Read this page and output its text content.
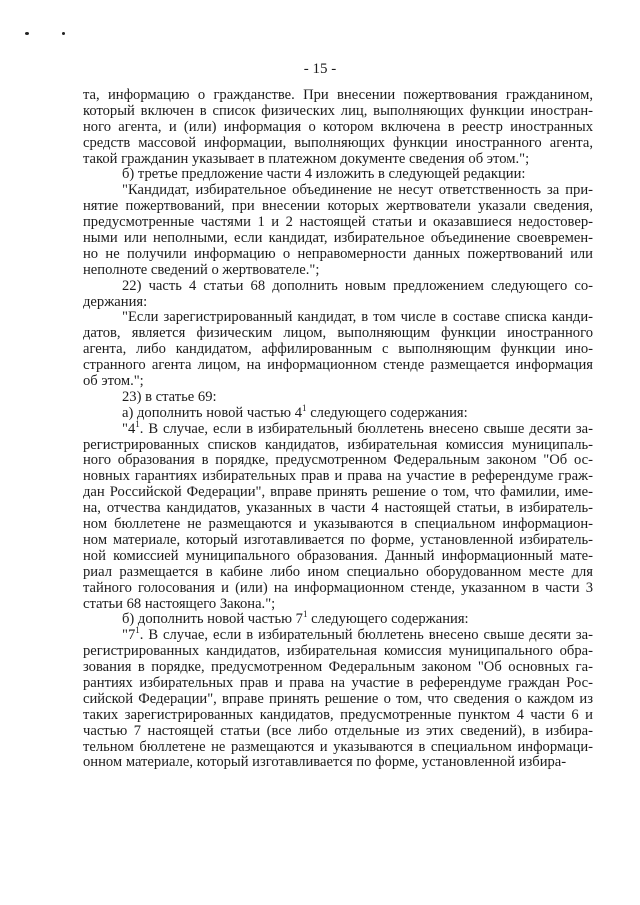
- 15 -
та, информацию о гражданстве. При внесении пожертвования гражданином,
который включен в список физических лиц, выполняющих функции иностран-
ного агента, и (или) информация о котором включена в реестр иностранных
средств массовой информации, выполняющих функции иностранного агента,
такой гражданин указывает в платежном документе сведения об этом.";
б) третье предложение части 4 изложить в следующей редакции:
"Кандидат, избирательное объединение не несут ответственность за при-
нятие пожертвований, при внесении которых жертвователи указали сведения,
предусмотренные частями 1 и 2 настоящей статьи и оказавшиеся недостовер-
ными или неполными, если кандидат, избирательное объединение своевремен-
но не получили информацию о неправомерности данных пожертвований или
неполноте сведений о жертвователе.";
22) часть 4 статьи 68 дополнить новым предложением следующего со-
держания:
"Если зарегистрированный кандидат, в том числе в составе списка канди-
датов, является физическим лицом, выполняющим функции иностранного
агента, либо кандидатом, аффилированным с выполняющим функции ино-
странного агента лицом, на информационном стенде размещается информация
об этом.";
23) в статье 69:
а) дополнить новой частью $4^1$ следующего содержания:
"$4^1$. В случае, если в избирательный бюллетень внесено свыше десяти за-
регистрированных списков кандидатов, избирательная комиссия муниципаль-
ного образования в порядке, предусмотренном Федеральным законом "Об ос-
новных гарантиях избирательных прав и права на участие в референдуме граж-
дан Российской Федерации", вправе принять решение о том, что фамилии, име-
на, отчества кандидатов, указанных в части 4 настоящей статьи, в избиратель-
ном бюллетене не размещаются и указываются в специальном информацион-
ном материале, который изготавливается по форме, установленной избиратель-
ной комиссией муниципального образования. Данный информационный мате-
риал размещается в кабине либо ином специально оборудованном месте для
тайного голосования и (или) на информационном стенде, указанном в части 3
статьи 68 настоящего Закона.";
б) дополнить новой частью $7^1$ следующего содержания:
"$7^1$. В случае, если в избирательный бюллетень внесено свыше десяти за-
регистрированных кандидатов, избирательная комиссия муниципального обра-
зования в порядке, предусмотренном Федеральным законом "Об основных га-
рантиях избирательных прав и права на участие в референдуме граждан Рос-
сийской Федерации", вправе принять решение о том, что сведения о каждом из
таких зарегистрированных кандидатов, предусмотренные пунктом 4 части 6 и
частью 7 настоящей статьи (все либо отдельные из этих сведений), в избира-
тельном бюллетене не размещаются и указываются в специальном информаци-
онном материале, который изготавливается по форме, установленной избира-
